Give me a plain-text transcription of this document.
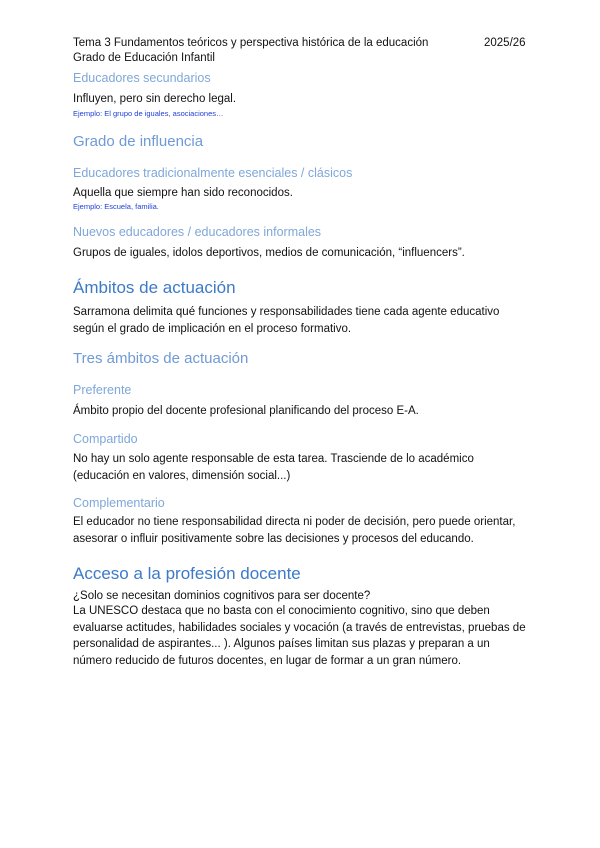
Tema 3 Fundamentos teóricos y perspectiva histórica de la educación	2025/26
Grado de Educación Infantil
Educadores secundarios
Influyen, pero sin derecho legal.
Ejemplo: El grupo de iguales, asociaciones…
Grado de influencia
Educadores tradicionalmente esenciales / clásicos
Aquella que siempre han sido reconocidos.
Ejemplo: Escuela, familia.
Nuevos educadores / educadores informales
Grupos de iguales, idolos deportivos, medios de comunicación, “influencers”.
Ámbitos de actuación
Sarramona delimita qué funciones y responsabilidades tiene cada agente educativo según el grado de implicación en el proceso formativo.
Tres ámbitos de actuación
Preferente
Ámbito propio del docente profesional planificando del proceso E-A.
Compartido
No hay un solo agente responsable de esta tarea. Trasciende de lo académico (educación en valores, dimensión social...)
Complementario
El educador no tiene responsabilidad directa ni poder de decisión, pero puede orientar, asesorar o influir positivamente sobre las decisiones y procesos del educando.
Acceso a la profesión docente
¿Solo se necesitan dominios cognitivos para ser docente?
La UNESCO destaca que no basta con el conocimiento cognitivo, sino que deben evaluarse actitudes, habilidades sociales y vocación (a través de entrevistas, pruebas de personalidad de aspirantes... ). Algunos países limitan sus plazas y preparan a un número reducido de futuros docentes, en lugar de formar a un gran número.
